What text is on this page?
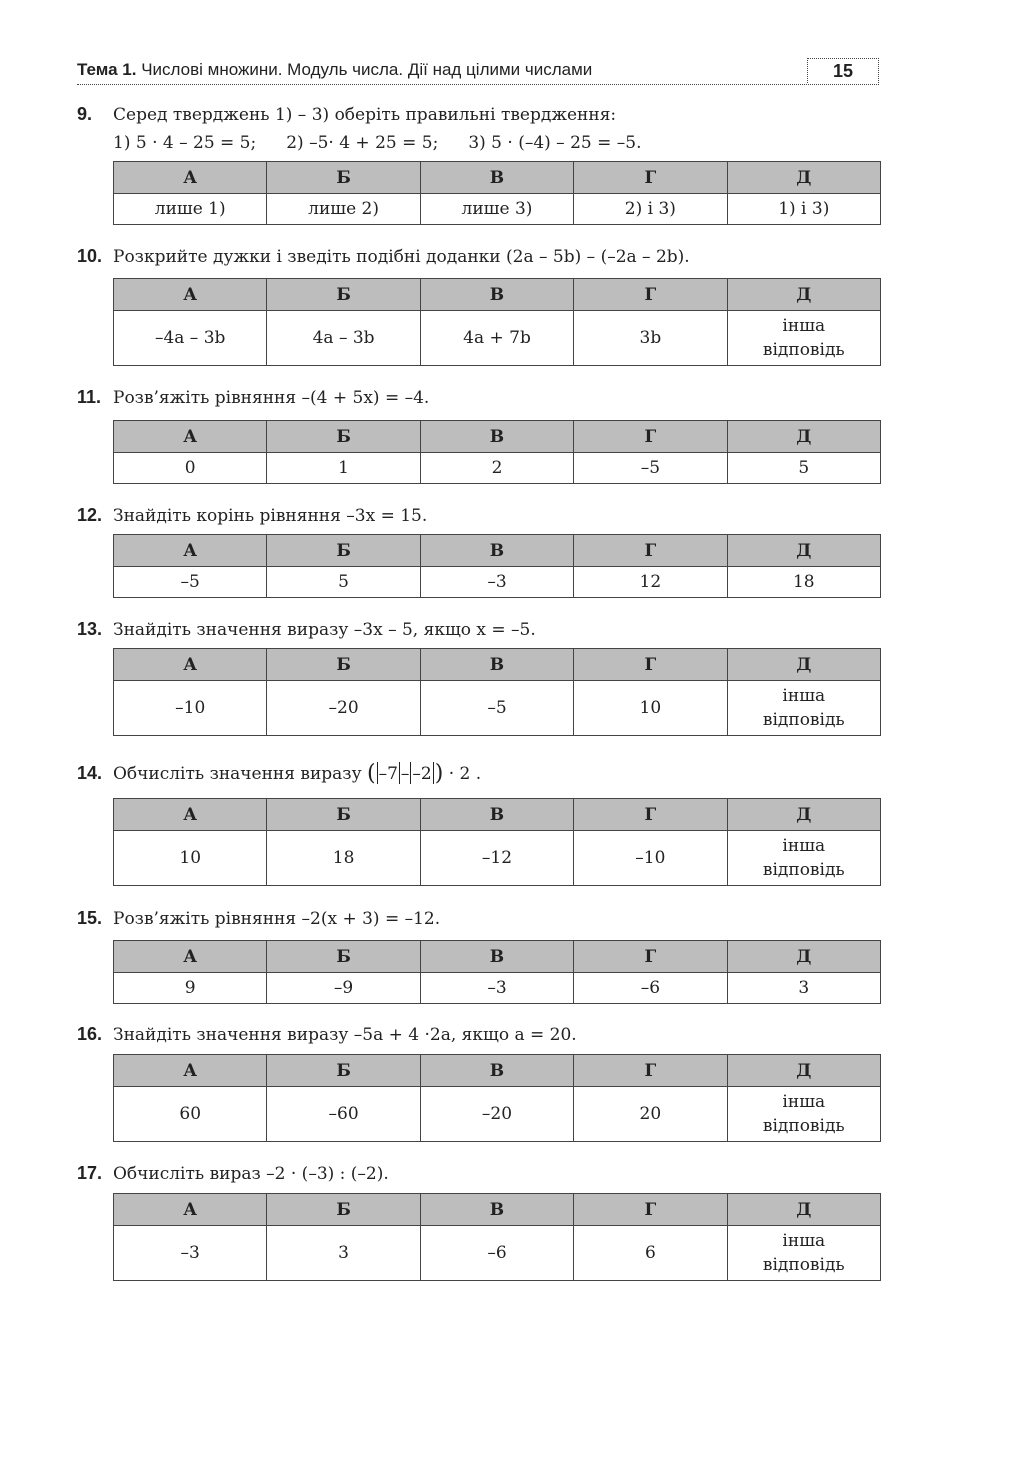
Тема 1. Числові множини. Модуль числа. Дії над цілими числами	15
9. Серед тверджень 1) – 3) оберіть правильні твердження:
1) 5 · 4 – 25 = 5; 2) –5· 4 + 25 = 5; 3) 5 · (–4) – 25 = –5.
А	Б	В	Г	Д
лише 1)	лише 2)	лише 3)	2) і 3)	1) і 3)
10. Розкрийте дужки і зведіть подібні доданки (2a – 5b) – (–2a – 2b).
А	Б	В	Г	Д
–4a – 3b	4a – 3b	4a + 7b	3b	інша відповідь
11. Розв’яжіть рівняння –(4 + 5x) = –4.
А	Б	В	Г	Д
0	1	2	–5	5
12. Знайдіть корінь рівняння –3x = 15.
А	Б	В	Г	Д
–5	5	–3	12	18
13. Знайдіть значення виразу –3x – 5, якщо x = –5.
А	Б	В	Г	Д
–10	–20	–5	10	інша відповідь
14. Обчисліть значення виразу ( –7 – –2 ) · 2 .
А	Б	В	Г	Д
10	18	–12	–10	інша відповідь
15. Розв’яжіть рівняння –2(x + 3) = –12.
А	Б	В	Г	Д
9	–9	–3	–6	3
16. Знайдіть значення виразу –5a + 4 ·2a, якщо a = 20.
А	Б	В	Г	Д
60	–60	–20	20	інша відповідь
17. Обчисліть вираз –2 · (–3) : (–2).
А	Б	В	Г	Д
–3	3	–6	6	інша відповідь
